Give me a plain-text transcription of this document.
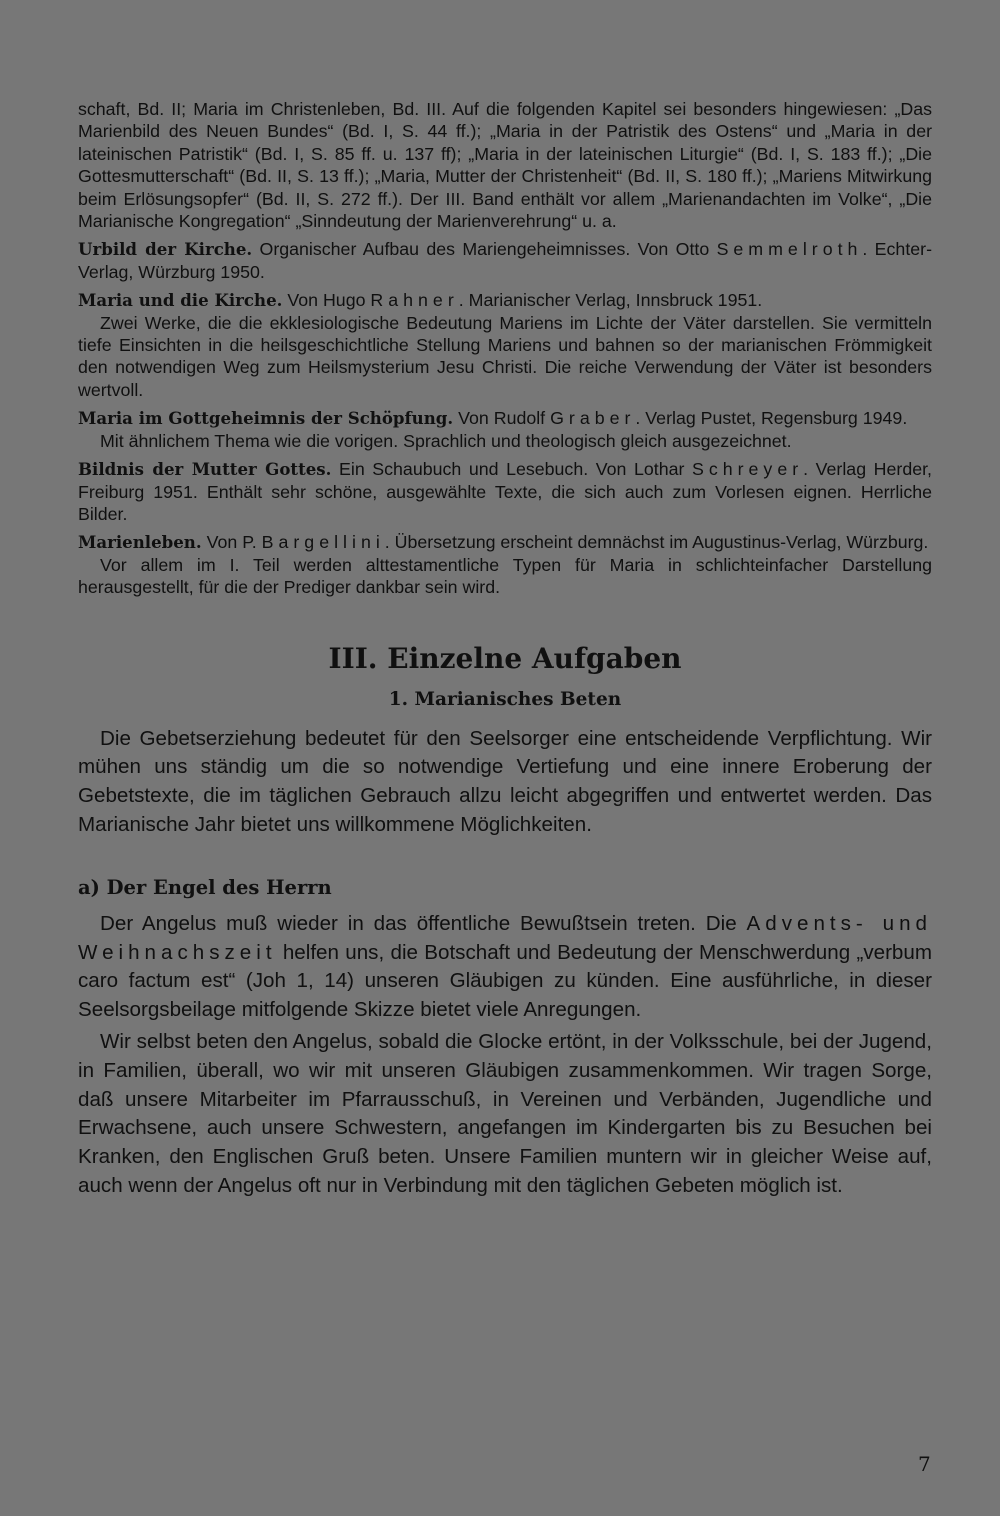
schaft, Bd. II; Maria im Christenleben, Bd. III. Auf die folgenden Kapitel sei besonders hingewiesen: „Das Marienbild des Neuen Bundes“ (Bd. I, S. 44 ff.); „Maria in der Patristik des Ostens“ und „Maria in der lateinischen Patristik“ (Bd. I, S. 85 ff. u. 137 ff); „Maria in der lateinischen Liturgie“ (Bd. I, S. 183 ff.); „Die Gottesmutterschaft“ (Bd. II, S. 13 ff.); „Maria, Mutter der Christenheit“ (Bd. II, S. 180 ff.); „Mariens Mitwirkung beim Erlösungsopfer“ (Bd. II, S. 272 ff.). Der III. Band enthält vor allem „Marienandachten im Volke“, „Die Marianische Kongregation“ „Sinndeutung der Marienverehrung“ u. a.

Urbild der Kirche. Organischer Aufbau des Mariengeheimnisses. Von Otto Semmelroth. Echter-Verlag, Würzburg 1950.

Maria und die Kirche. Von Hugo Rahner. Marianischer Verlag, Innsbruck 1951.

Zwei Werke, die die ekklesiologische Bedeutung Mariens im Lichte der Väter darstellen. Sie vermitteln tiefe Einsichten in die heilsgeschichtliche Stellung Mariens und bahnen so der marianischen Frömmigkeit den notwendigen Weg zum Heilsmysterium Jesu Christi. Die reiche Verwendung der Väter ist besonders wertvoll.

Maria im Gottgeheimnis der Schöpfung. Von Rudolf Graber. Verlag Pustet, Regensburg 1949.

Mit ähnlichem Thema wie die vorigen. Sprachlich und theologisch gleich ausgezeichnet.

Bildnis der Mutter Gottes. Ein Schaubuch und Lesebuch. Von Lothar Schreyer. Verlag Herder, Freiburg 1951. Enthält sehr schöne, ausgewählte Texte, die sich auch zum Vorlesen eignen. Herrliche Bilder.

Marienleben. Von P. Bargellini. Übersetzung erscheint demnächst im Augustinus-Verlag, Würzburg.

Vor allem im I. Teil werden alttestamentliche Typen für Maria in schlichteinfacher Darstellung herausgestellt, für die der Prediger dankbar sein wird.

III. Einzelne Aufgaben
1. Marianisches Beten

Die Gebetserziehung bedeutet für den Seelsorger eine entscheidende Verpflichtung. Wir mühen uns ständig um die so notwendige Vertiefung und eine innere Eroberung der Gebetstexte, die im täglichen Gebrauch allzu leicht abgegriffen und entwertet werden. Das Marianische Jahr bietet uns willkommene Möglichkeiten.

a) Der Engel des Herrn

Der Angelus muß wieder in das öffentliche Bewußtsein treten. Die Advents- und Weihnachszeit helfen uns, die Botschaft und Bedeutung der Menschwerdung „verbum caro factum est“ (Joh 1, 14) unseren Gläubigen zu künden. Eine ausführliche, in dieser Seelsorgsbeilage mitfolgende Skizze bietet viele Anregungen.

Wir selbst beten den Angelus, sobald die Glocke ertönt, in der Volksschule, bei der Jugend, in Familien, überall, wo wir mit unseren Gläubigen zusammenkommen. Wir tragen Sorge, daß unsere Mitarbeiter im Pfarrausschuß, in Vereinen und Verbänden, Jugendliche und Erwachsene, auch unsere Schwestern, angefangen im Kindergarten bis zu Besuchen bei Kranken, den Englischen Gruß beten. Unsere Familien muntern wir in gleicher Weise auf, auch wenn der Angelus oft nur in Verbindung mit den täglichen Gebeten möglich ist.

7
